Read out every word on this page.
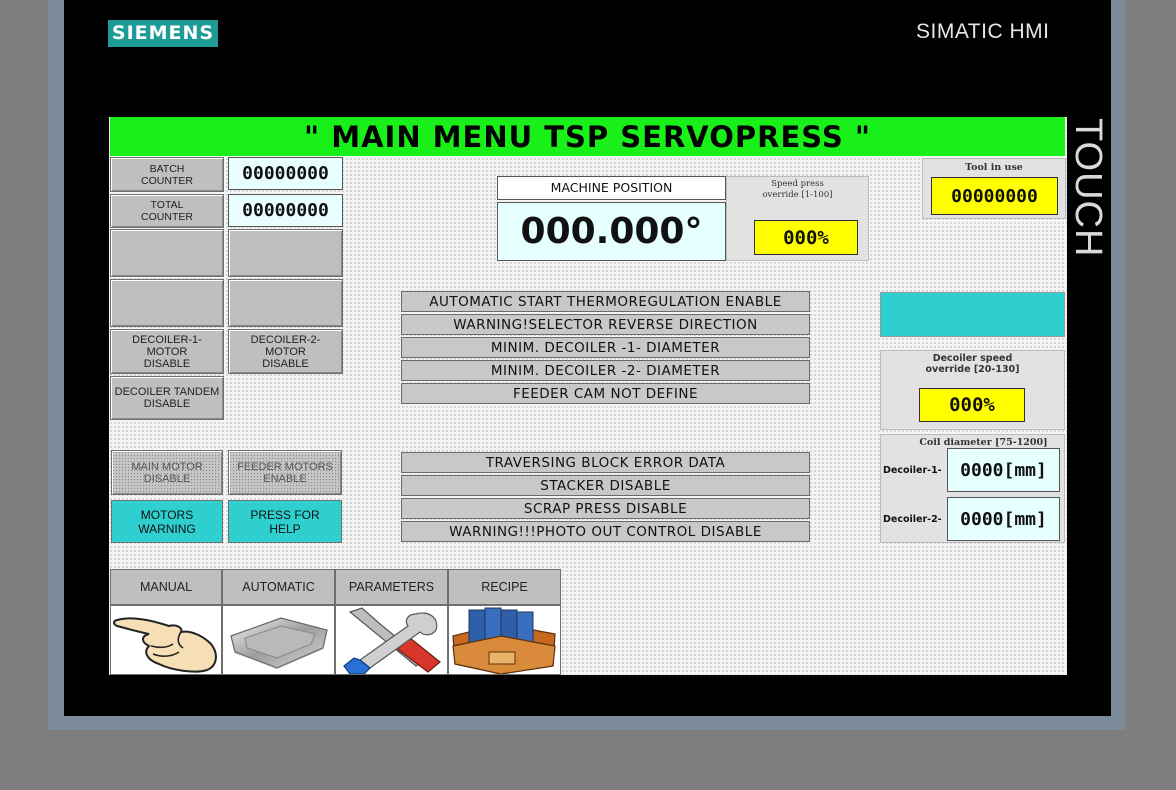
SIEMENS	SIMATIC HMI
TOUCH
" MAIN MENU TSP SERVOPRESS "
BATCH
COUNTER	00000000
TOTAL
COUNTER	00000000
DECOILER-1- MOTOR
DISABLE
DECOILER-2- MOTOR
DISABLE
DECOILER TANDEM
DISABLE
MAIN MOTOR
DISABLE
FEEDER MOTORS
ENABLE
MOTORS
WARNING
PRESS FOR
HELP
MACHINE POSITION
000.000°
Speed press
override [1-100]
000%
Tool in use
00000000
AUTOMATIC START THERMOREGULATION ENABLE
WARNING!SELECTOR REVERSE DIRECTION
MINIM. DECOILER -1- DIAMETER
MINIM. DECOILER -2- DIAMETER
FEEDER CAM NOT DEFINE
Decoiler speed
override [20-130]
000%
Coil diameter [75-1200]
Decoiler-1-	0000[mm]
Decoiler-2-	0000[mm]
TRAVERSING BLOCK ERROR DATA
STACKER DISABLE
SCRAP PRESS DISABLE
WARNING!!!PHOTO OUT CONTROL DISABLE
MANUAL	AUTOMATIC	PARAMETERS	RECIPE
